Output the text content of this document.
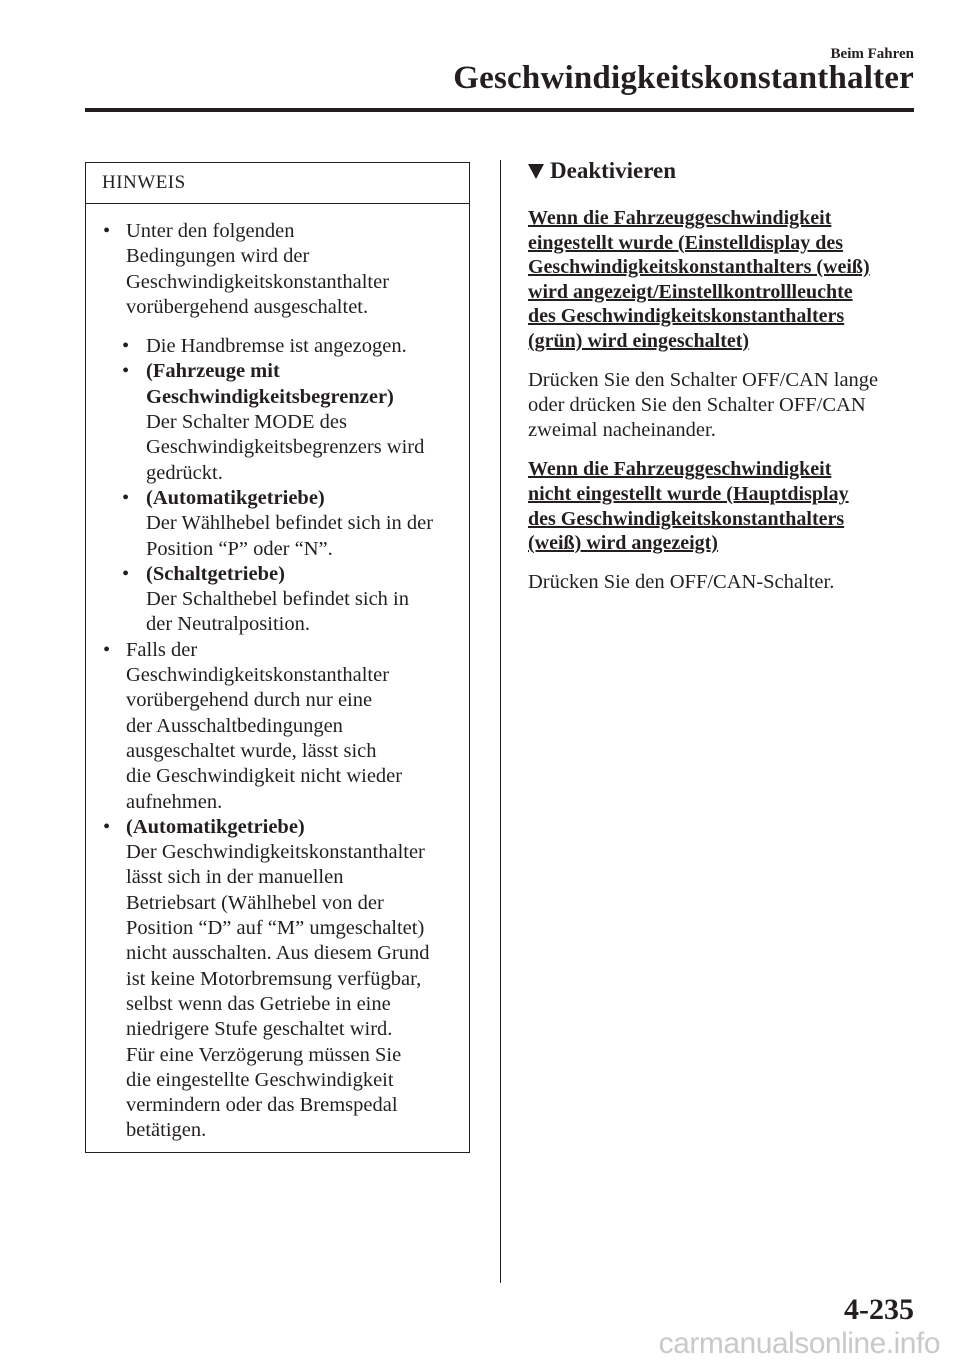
Beim Fahren
Geschwindigkeitskonstanthalter
HINWEIS
• Unter den folgenden
Bedingungen wird der
Geschwindigkeitskonstanthalter
vorübergehend ausgeschaltet.
• Die Handbremse ist angezogen.
• (Fahrzeuge mit
Geschwindigkeitsbegrenzer)
Der Schalter MODE des
Geschwindigkeitsbegrenzers wird
gedrückt.
• (Automatikgetriebe)
Der Wählhebel befindet sich in der
Position “P” oder “N”.
• (Schaltgetriebe)
Der Schalthebel befindet sich in
der Neutralposition.
• Falls der
Geschwindigkeitskonstanthalter
vorübergehend durch nur eine
der Ausschaltbedingungen
ausgeschaltet wurde, lässt sich
die Geschwindigkeit nicht wieder
aufnehmen.
• (Automatikgetriebe)
Der Geschwindigkeitskonstanthalter
lässt sich in der manuellen
Betriebsart (Wählhebel von der
Position “D” auf “M” umgeschaltet)
nicht ausschalten. Aus diesem Grund
ist keine Motorbremsung verfügbar,
selbst wenn das Getriebe in eine
niedrigere Stufe geschaltet wird.
Für eine Verzögerung müssen Sie
die eingestellte Geschwindigkeit
vermindern oder das Bremspedal
betätigen.
Deaktivieren
Wenn die Fahrzeuggeschwindigkeit
eingestellt wurde (Einstelldisplay des
Geschwindigkeitskonstanthalters (weiß)
wird angezeigt/Einstellkontrollleuchte
des Geschwindigkeitskonstanthalters
(grün) wird eingeschaltet)
Drücken Sie den Schalter OFF/CAN lange
oder drücken Sie den Schalter OFF/CAN
zweimal nacheinander.
Wenn die Fahrzeuggeschwindigkeit
nicht eingestellt wurde (Hauptdisplay
des Geschwindigkeitskonstanthalters
(weiß) wird angezeigt)
Drücken Sie den OFF/CAN-Schalter.
4-235
carmanualsonline.info
